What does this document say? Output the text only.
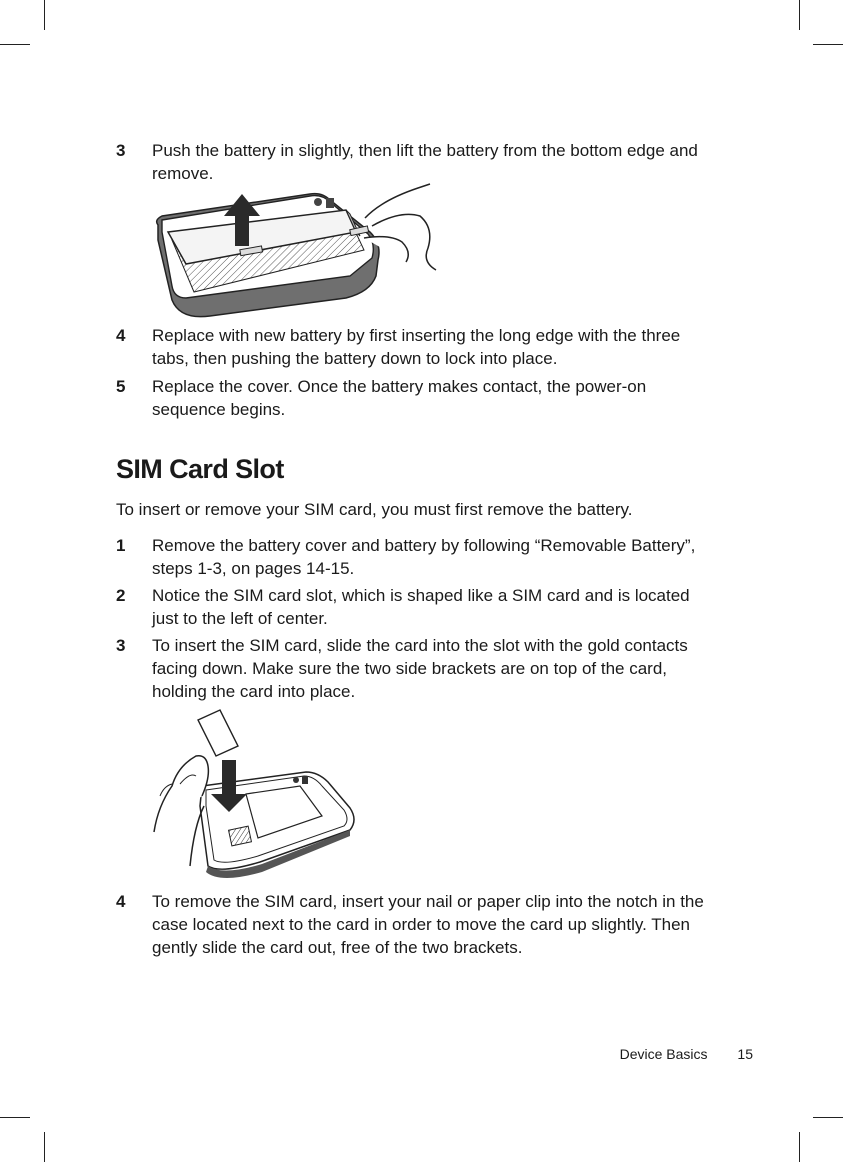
3 Push the battery in slightly, then lift the battery from the bottom edge and remove.
4 Replace with new battery by first inserting the long edge with the three tabs, then pushing the battery down to lock into place.
5 Replace the cover. Once the battery makes contact, the power-on sequence begins.
SIM Card Slot
To insert or remove your SIM card, you must first remove the battery.
1 Remove the battery cover and battery by following “Removable Battery”, steps 1-3, on pages 14-15.
2 Notice the SIM card slot, which is shaped like a SIM card and is located just to the left of center.
3 To insert the SIM card, slide the card into the slot with the gold contacts facing down. Make sure the two side brackets are on top of the card, holding the card into place.
4 To remove the SIM card, insert your nail or paper clip into the notch in the case located next to the card in order to move the card up slightly. Then gently slide the card out, free of the two brackets.
Device Basics 15
